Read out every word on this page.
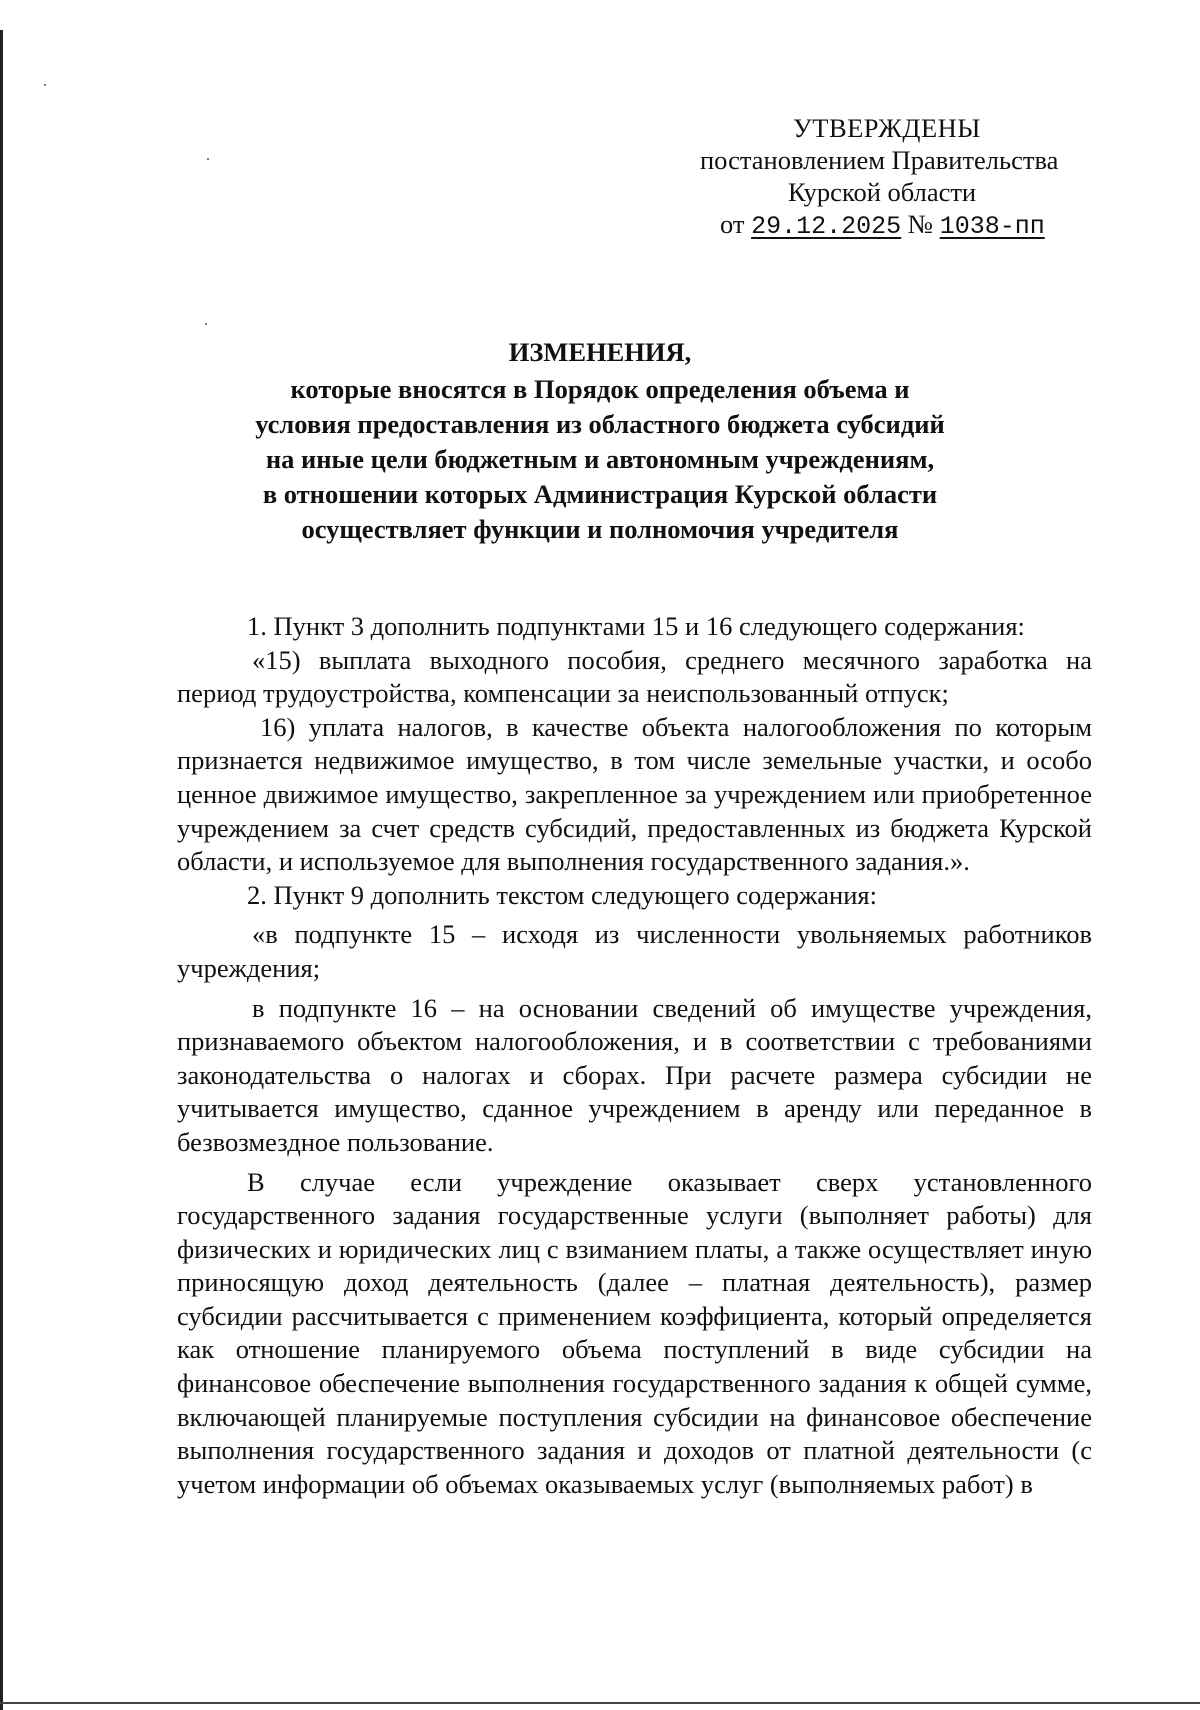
УТВЕРЖДЕНЫ
постановлением Правительства
Курской области
от 29.12.2025 № 1038-пп
ИЗМЕНЕНИЯ,
которые вносятся в Порядок определения объема и
условия предоставления из областного бюджета субсидий
на иные цели бюджетным и автономным учреждениям,
в отношении которых Администрация Курской области
осуществляет функции и полномочия учредителя

1. Пункт 3 дополнить подпунктами 15 и 16 следующего содержания:

«15) выплата выходного пособия, среднего месячного заработка на период трудоустройства, компенсации за неиспользованный отпуск;

16) уплата налогов, в качестве объекта налогообложения по которым признается недвижимое имущество, в том числе земельные участки, и особо ценное движимое имущество, закрепленное за учреждением или приобретенное учреждением за счет средств субсидий, предоставленных из бюджета Курской области, и используемое для выполнения государственного задания.».

2. Пункт 9 дополнить текстом следующего содержания:

«в подпункте 15 – исходя из численности увольняемых работников учреждения;

в подпункте 16 – на основании сведений об имуществе учреждения, признаваемого объектом налогообложения, и в соответствии с требованиями законодательства о налогах и сборах. При расчете размера субсидии не учитывается имущество, сданное учреждением в аренду или переданное в безвозмездное пользование.

В случае если учреждение оказывает сверх установленного государственного задания государственные услуги (выполняет работы) для физических и юридических лиц с взиманием платы, а также осуществляет иную приносящую доход деятельность (далее – платная деятельность), размер субсидии рассчитывается с применением коэффициента, который определяется как отношение планируемого объема поступлений в виде субсидии на финансовое обеспечение выполнения государственного задания к общей сумме, включающей планируемые поступления субсидии на финансовое обеспечение выполнения государственного задания и доходов от платной деятельности (с учетом информации об объемах оказываемых услуг (выполняемых работ) в
